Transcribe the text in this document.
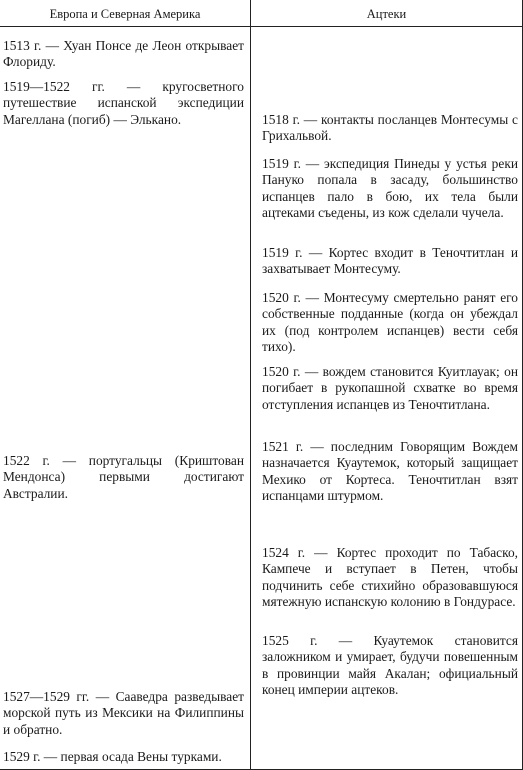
Европа и Северная Америка	Ацтеки
1513 г. — Хуан Понсе де Леон открывает Флориду.
1519—1522 гг. — кругосветного путешествие испанской экспедиции Магеллана (погиб) — Элькано.
1522 г. — португальцы (Криштован Мендонса) первыми достигают Австралии.
1527—1529 гг. — Сааведра разведывает морской путь из Мексики на Филиппины и обратно.
1529 г. — первая осада Вены турками.
1518 г. — контакты посланцев Монтесумы с Грихальвой.
1519 г. — экспедиция Пинеды у устья реки Пануко попала в засаду, большинство испанцев пало в бою, их тела были ацтеками съедены, из кож сделали чучела.
1519 г. — Кортес входит в Теночтитлан и захватывает Монтесуму.
1520 г. — Монтесуму смертельно ранят его собственные подданные (когда он убеждал их (под контролем испанцев) вести себя тихо).
1520 г. — вождем становится Куитлауак; он погибает в рукопашной схватке во время отступления испанцев из Теночтитлана.
1521 г. — последним Говорящим Вождем назначается Куаутемок, который защищает Мехико от Кортеса. Теночтитлан взят испанцами штурмом.
1524 г. — Кортес проходит по Табаско, Кампече и вступает в Петен, чтобы подчинить себе стихийно образовавшуюся мятежную испанскую колонию в Гондурасе.
1525 г. — Куаутемок становится заложником и умирает, будучи повешенным в провинции майя Акалан; официальный конец империи ацтеков.
